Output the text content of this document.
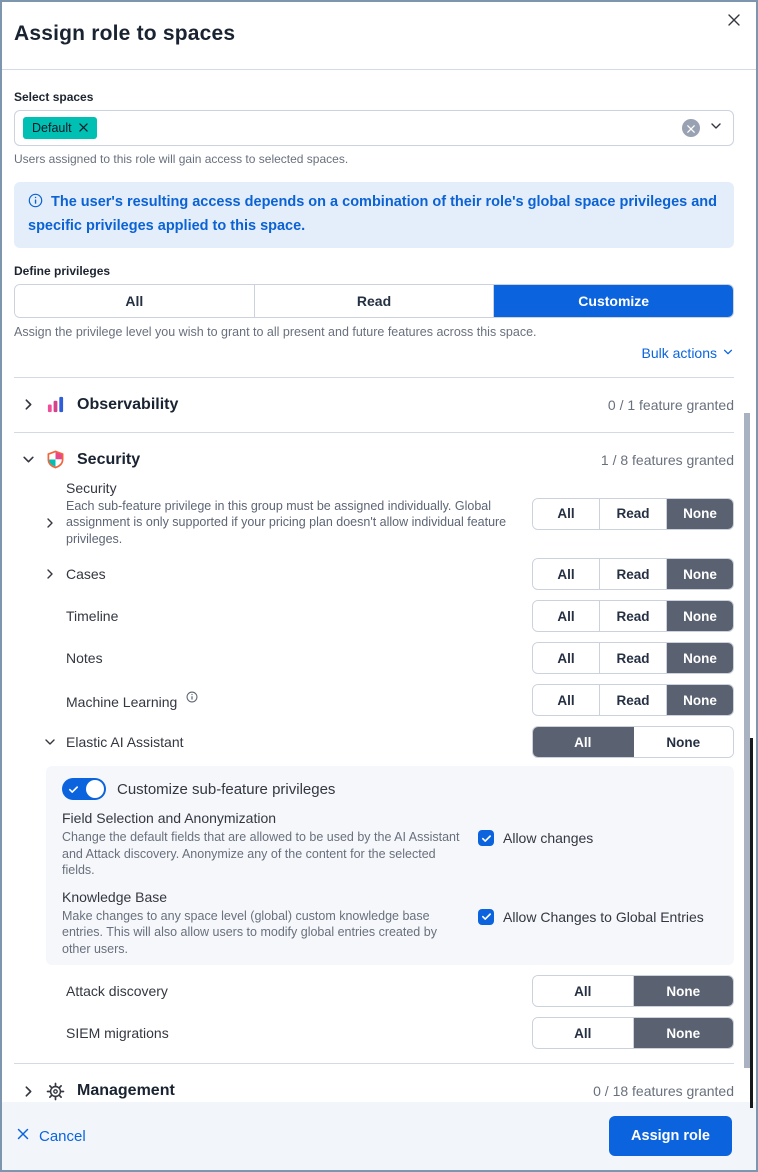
Assign role to spaces
Select spaces
Default
Users assigned to this role will gain access to selected spaces.
The user's resulting access depends on a combination of their role's global space privileges and specific privileges applied to this space.
Define privileges
All	Read	Customize
Assign the privilege level you wish to grant to all present and future features across this space.
Bulk actions
Observability	0 / 1 feature granted
Security	1 / 8 features granted
Security

Each sub-feature privilege in this group must be assigned individually. Global assignment is only supported if your pricing plan doesn't allow individual feature privileges.

All	Read	None
Cases	All	Read	None
Timeline	All	Read	None
Notes	All	Read	None
Machine Learning	All	Read	None
Elastic AI Assistant	All	None
Customize sub-feature privileges
Field Selection and Anonymization

Change the default fields that are allowed to be used by the AI Assistant and Attack discovery. Anonymize any of the content for the selected fields.

Allow changes
Knowledge Base

Make changes to any space level (global) custom knowledge base entries. This will also allow users to modify global entries created by other users.

Allow Changes to Global Entries
Attack discovery	All	None
SIEM migrations	All	None
Management	0 / 18 features granted
Cancel	Assign role
